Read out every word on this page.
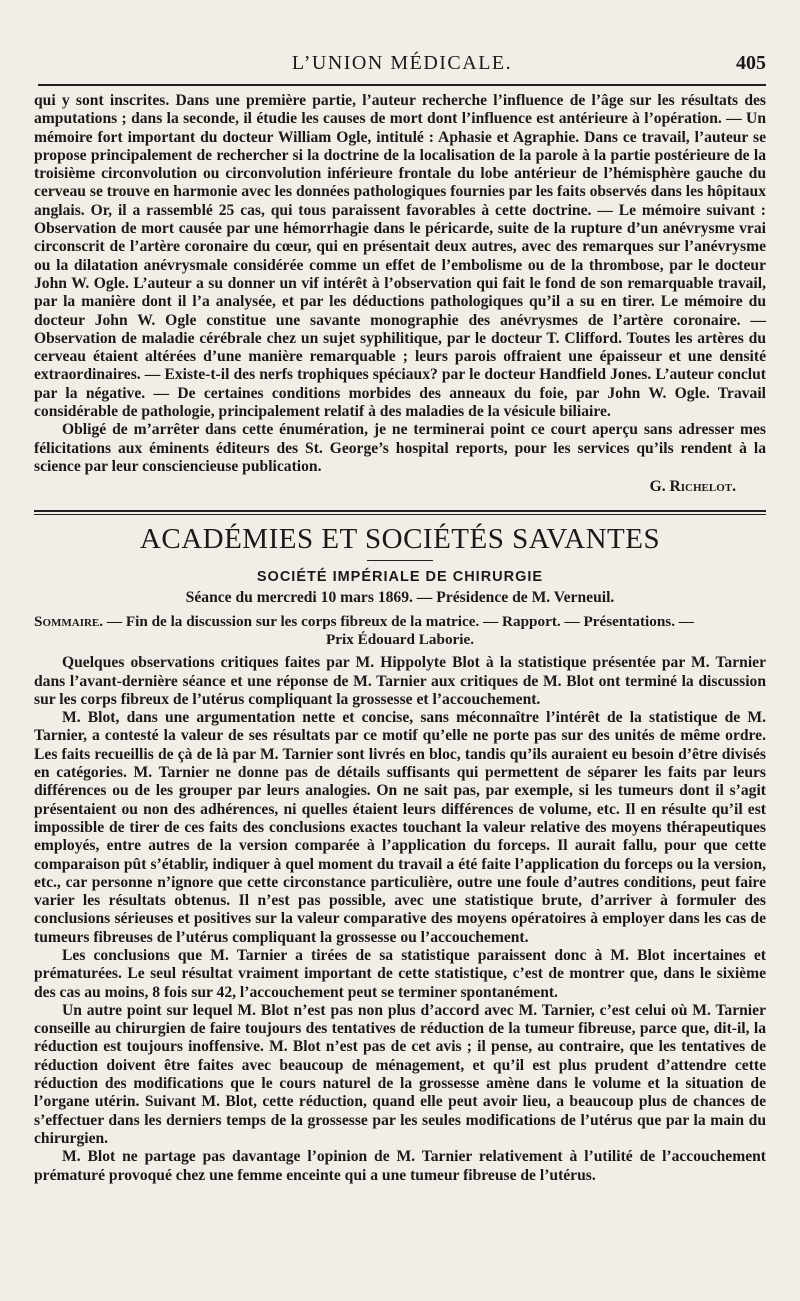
L’UNION MÉDICALE.	405

qui y sont inscrites. Dans une première partie, l’auteur recherche l’influence de l’âge sur les résultats des amputations ; dans la seconde, il étudie les causes de mort dont l’influence est antérieure à l’opération. — Un mémoire fort important du docteur William Ogle, intitulé : Aphasie et Agraphie. Dans ce travail, l’auteur se propose principalement de rechercher si la doctrine de la localisation de la parole à la partie postérieure de la troisième circonvolution ou circonvolution inférieure frontale du lobe antérieur de l’hémisphère gauche du cerveau se trouve en harmonie avec les données pathologiques fournies par les faits observés dans les hôpitaux anglais. Or, il a rassemblé 25 cas, qui tous paraissent favorables à cette doctrine. — Le mémoire suivant : Observation de mort causée par une hémorrhagie dans le péricarde, suite de la rupture d’un anévrysme vrai circonscrit de l’artère coronaire du cœur, qui en présentait deux autres, avec des remarques sur l’anévrysme ou la dilatation anévrysmale considérée comme un effet de l’embolisme ou de la thrombose, par le docteur John W. Ogle. L’auteur a su donner un vif intérêt à l’observation qui fait le fond de son remarquable travail, par la manière dont il l’a analysée, et par les déductions pathologiques qu’il a su en tirer. Le mémoire du docteur John W. Ogle constitue une savante monographie des anévrysmes de l’artère coronaire. — Observation de maladie cérébrale chez un sujet syphilitique, par le docteur T. Clifford. Toutes les artères du cerveau étaient altérées d’une manière remarquable ; leurs parois offraient une épaisseur et une densité extraordinaires. — Existe-t-il des nerfs trophiques spéciaux? par le docteur Handfield Jones. L’auteur conclut par la négative. — De certaines conditions morbides des anneaux du foie, par John W. Ogle. Travail considérable de pathologie, principalement relatif à des maladies de la vésicule biliaire.

Obligé de m’arrêter dans cette énumération, je ne terminerai point ce court aperçu sans adresser mes félicitations aux éminents éditeurs des St. George’s hospital reports, pour les services qu’ils rendent à la science par leur consciencieuse publication.

G. Richelot.
ACADÉMIES ET SOCIÉTÉS SAVANTES
SOCIÉTÉ IMPÉRIALE DE CHIRURGIE
Séance du mercredi 10 mars 1869. — Présidence de M. Verneuil.
Sommaire. — Fin de la discussion sur les corps fibreux de la matrice. — Rapport. — Présentations. —
Prix Édouard Laborie.

Quelques observations critiques faites par M. Hippolyte Blot à la statistique présentée par M. Tarnier dans l’avant-dernière séance et une réponse de M. Tarnier aux critiques de M. Blot ont terminé la discussion sur les corps fibreux de l’utérus compliquant la grossesse et l’accouchement.

M. Blot, dans une argumentation nette et concise, sans méconnaître l’intérêt de la statistique de M. Tarnier, a contesté la valeur de ses résultats par ce motif qu’elle ne porte pas sur des unités de même ordre. Les faits recueillis de çà de là par M. Tarnier sont livrés en bloc, tandis qu’ils auraient eu besoin d’être divisés en catégories. M. Tarnier ne donne pas de détails suffisants qui permettent de séparer les faits par leurs différences ou de les grouper par leurs analogies. On ne sait pas, par exemple, si les tumeurs dont il s’agit présentaient ou non des adhérences, ni quelles étaient leurs différences de volume, etc. Il en résulte qu’il est impossible de tirer de ces faits des conclusions exactes touchant la valeur relative des moyens thérapeutiques employés, entre autres de la version comparée à l’application du forceps. Il aurait fallu, pour que cette comparaison pût s’établir, indiquer à quel moment du travail a été faite l’application du forceps ou la version, etc., car personne n’ignore que cette circonstance particulière, outre une foule d’autres conditions, peut faire varier les résultats obtenus. Il n’est pas possible, avec une statistique brute, d’arriver à formuler des conclusions sérieuses et positives sur la valeur comparative des moyens opératoires à employer dans les cas de tumeurs fibreuses de l’utérus compliquant la grossesse ou l’accouchement.

Les conclusions que M. Tarnier a tirées de sa statistique paraissent donc à M. Blot incertaines et prématurées. Le seul résultat vraiment important de cette statistique, c’est de montrer que, dans le sixième des cas au moins, 8 fois sur 42, l’accouchement peut se terminer spontanément.

Un autre point sur lequel M. Blot n’est pas non plus d’accord avec M. Tarnier, c’est celui où M. Tarnier conseille au chirurgien de faire toujours des tentatives de réduction de la tumeur fibreuse, parce que, dit-il, la réduction est toujours inoffensive. M. Blot n’est pas de cet avis ; il pense, au contraire, que les tentatives de réduction doivent être faites avec beaucoup de ménagement, et qu’il est plus prudent d’attendre cette réduction des modifications que le cours naturel de la grossesse amène dans le volume et la situation de l’organe utérin. Suivant M. Blot, cette réduction, quand elle peut avoir lieu, a beaucoup plus de chances de s’effectuer dans les derniers temps de la grossesse par les seules modifications de l’utérus que par la main du chirurgien.

M. Blot ne partage pas davantage l’opinion de M. Tarnier relativement à l’utilité de l’accouchement prématuré provoqué chez une femme enceinte qui a une tumeur fibreuse de l’utérus.
